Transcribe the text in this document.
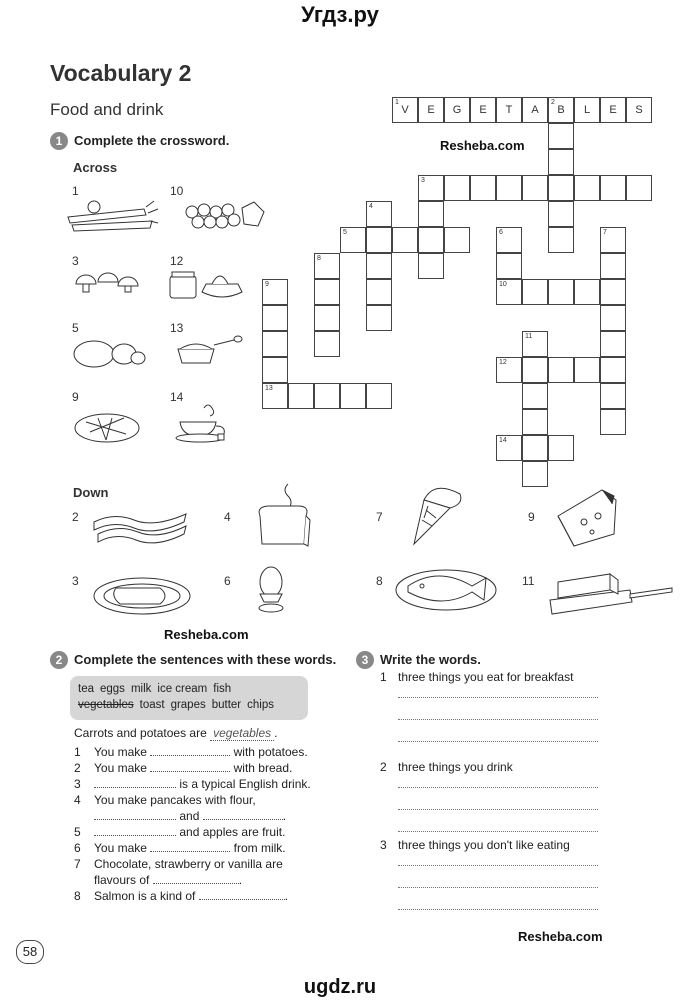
Угдз.ру
ugdz.ru
Vocabulary 2
Food and drink
1 Complete the crossword.	Resheba.com
Across
1	10
3	12
5	13
9	14
1
V	E	G	E	T	A
2
B	L	E	S
3
4
5	6	7
8
9
13
10
11
12
14
Down
2	4	7	9
3	6	8	11
Resheba.com
2 Complete the sentences with these words.
tea eggs milk ice cream fish
vegetables toast grapes butter chips
Carrots and potatoes are vegetables .
1 You make	with potatoes.
2 You make	with bread.
3	is a typical English drink.
4 You make pancakes with flour,
and	.
5	and apples are fruit.
6 You make	from milk.
7 Chocolate, strawberry or vanilla are
flavours of	.
8 Salmon is a kind of	.
3 Write the words.
1 three things you eat for breakfast
2 three things you drink
3 three things you don't like eating
Resheba.com
58
